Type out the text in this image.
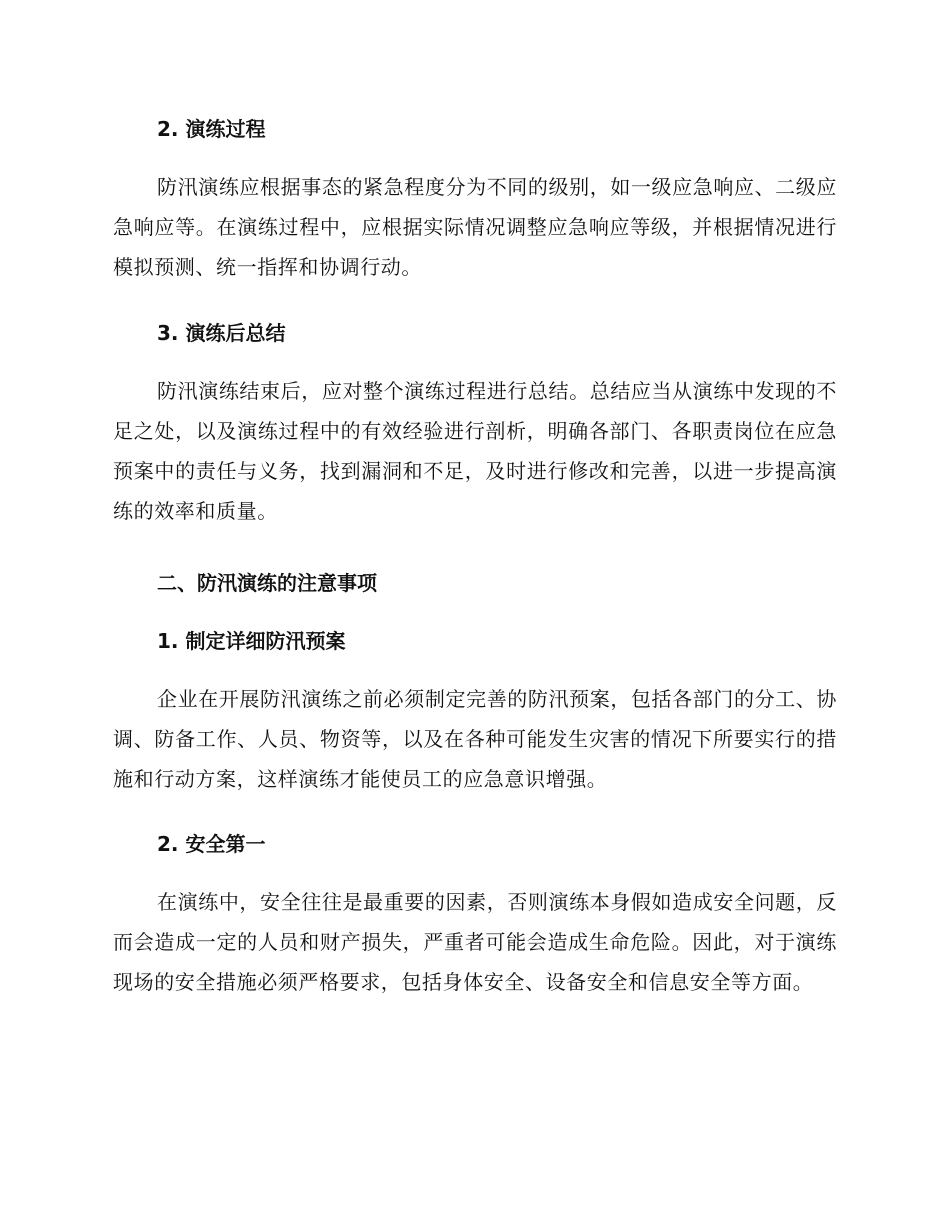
2. 演练过程

防汛演练应根据事态的紧急程度分为不同的级别，如一级应急响应、二级应急响应等。在演练过程中，应根据实际情况调整应急响应等级，并根据情况进行模拟预测、统一指挥和协调行动。

3. 演练后总结

防汛演练结束后，应对整个演练过程进行总结。总结应当从演练中发现的不足之处，以及演练过程中的有效经验进行剖析，明确各部门、各职责岗位在应急预案中的责任与义务，找到漏洞和不足，及时进行修改和完善，以进一步提高演练的效率和质量。

二、防汛演练的注意事项
1. 制定详细防汛预案

企业在开展防汛演练之前必须制定完善的防汛预案，包括各部门的分工、协调、防备工作、人员、物资等，以及在各种可能发生灾害的情况下所要实行的措施和行动方案，这样演练才能使员工的应急意识增强。

2. 安全第一

在演练中，安全往往是最重要的因素，否则演练本身假如造成安全问题，反而会造成一定的人员和财产损失，严重者可能会造成生命危险。因此，对于演练现场的安全措施必须严格要求，包括身体安全、设备安全和信息安全等方面。
